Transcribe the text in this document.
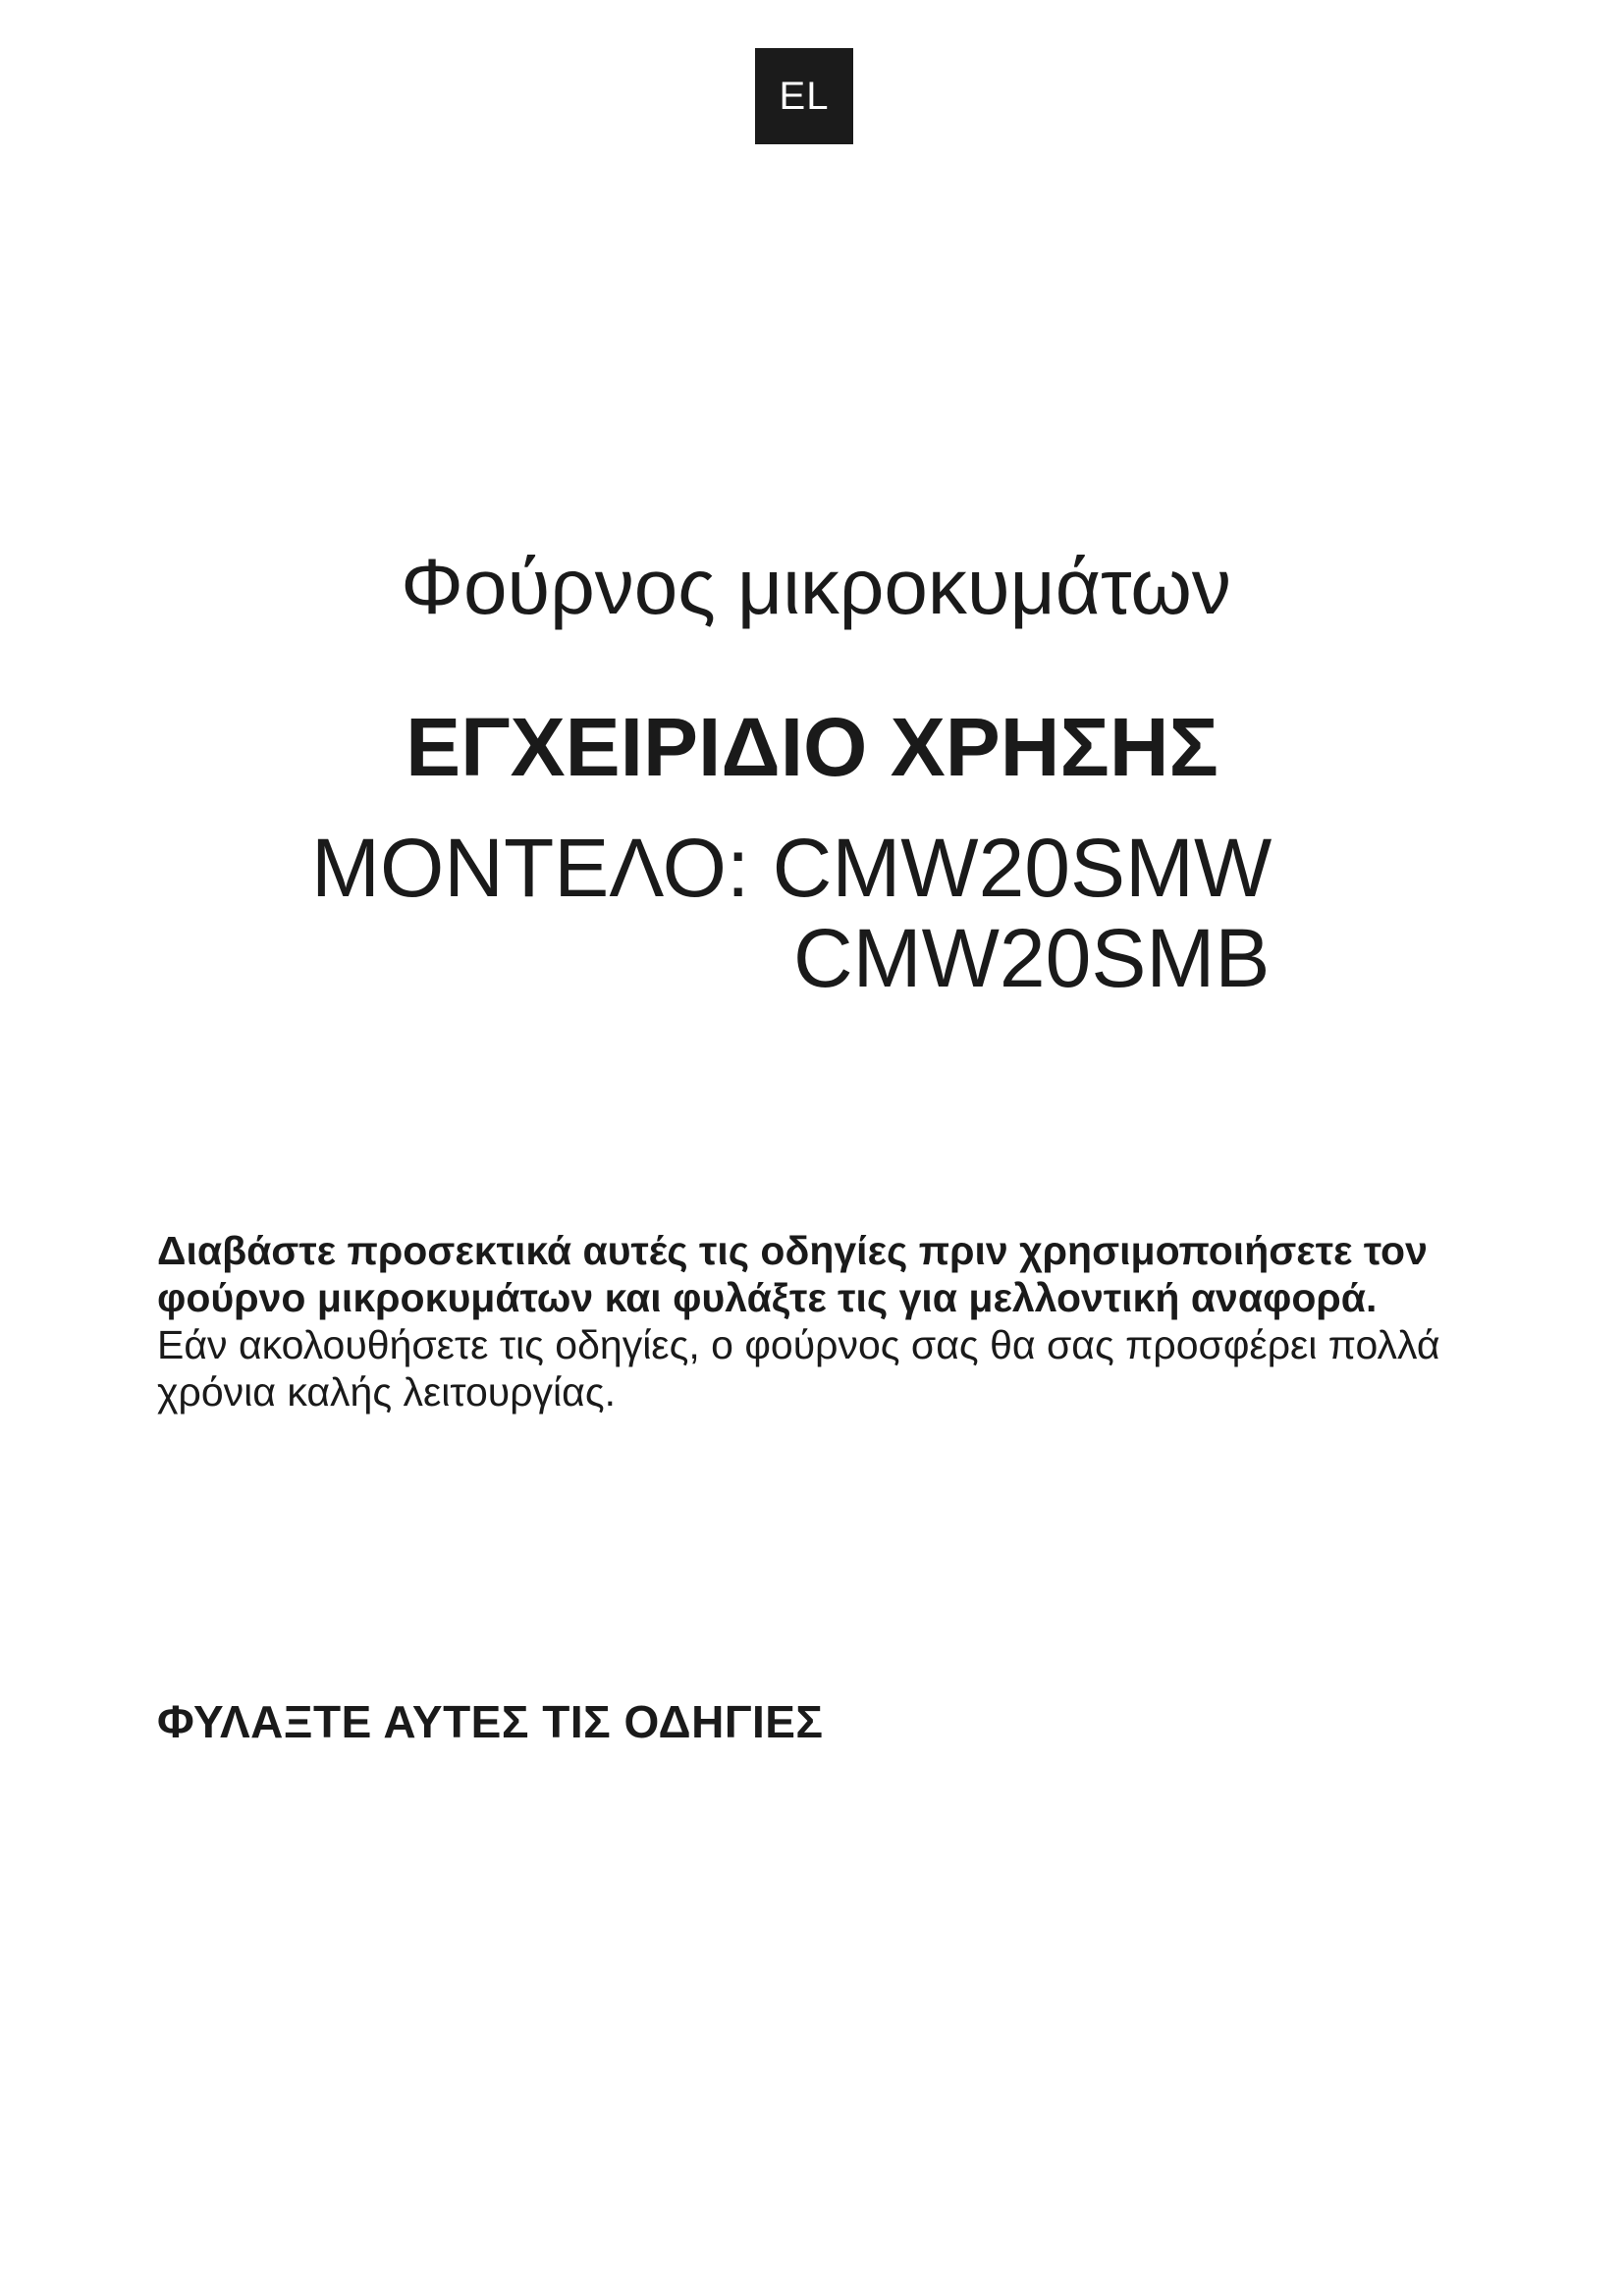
EL
Φούρνος μικροκυμάτων
ΕΓΧΕΙΡΙΔΙΟ ΧΡΗΣΗΣ
ΜΟΝΤΕΛΟ: CMW20SMW
CMW20SMB

Διαβάστε προσεκτικά αυτές τις οδηγίες πριν χρησιμοποιήσετε τον φούρνο μικροκυμάτων και φυλάξτε τις για μελλοντική αναφορά.
Εάν ακολουθήσετε τις οδηγίες, ο φούρνος σας θα σας προσφέρει πολλά χρόνια καλής λειτουργίας.

ΦΥΛΑΞΤΕ ΑΥΤΕΣ ΤΙΣ ΟΔΗΓΙΕΣ
